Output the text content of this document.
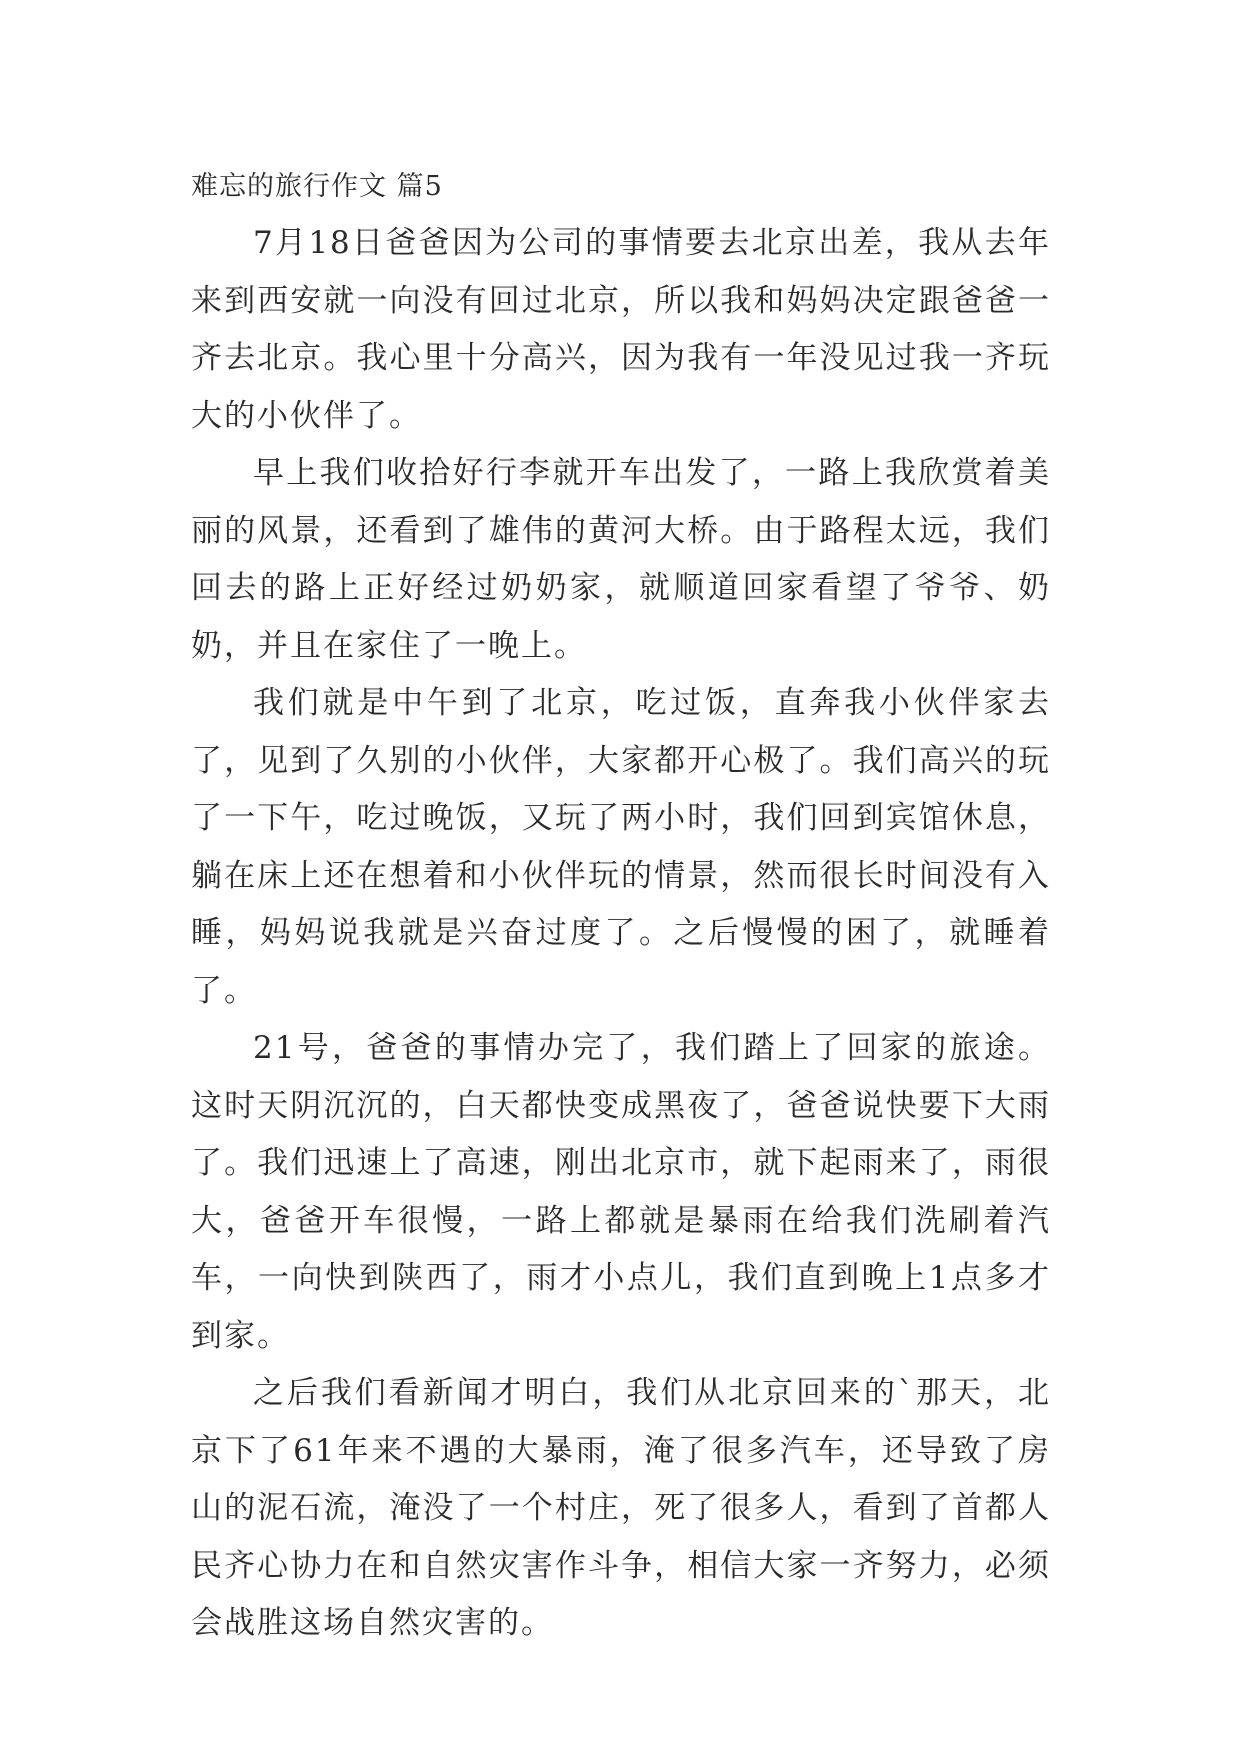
难忘的旅行作文 篇5

7月18日爸爸因为公司的事情要去北京出差，我从去年来到西安就一向没有回过北京，所以我和妈妈决定跟爸爸一齐去北京。我心里十分高兴，因为我有一年没见过我一齐玩大的小伙伴了。

早上我们收拾好行李就开车出发了，一路上我欣赏着美丽的风景，还看到了雄伟的黄河大桥。由于路程太远，我们回去的路上正好经过奶奶家，就顺道回家看望了爷爷、奶奶，并且在家住了一晚上。

我们就是中午到了北京，吃过饭，直奔我小伙伴家去了，见到了久别的小伙伴，大家都开心极了。我们高兴的玩了一下午，吃过晚饭，又玩了两小时，我们回到宾馆休息，躺在床上还在想着和小伙伴玩的情景，然而很长时间没有入睡，妈妈说我就是兴奋过度了。之后慢慢的困了，就睡着了。

21号，爸爸的事情办完了，我们踏上了回家的旅途。这时天阴沉沉的，白天都快变成黑夜了，爸爸说快要下大雨了。我们迅速上了高速，刚出北京市，就下起雨来了，雨很大，爸爸开车很慢，一路上都就是暴雨在给我们洗刷着汽车，一向快到陕西了，雨才小点儿，我们直到晚上1点多才到家。

之后我们看新闻才明白，我们从北京回来的`那天，北京下了61年来不遇的大暴雨，淹了很多汽车，还导致了房山的泥石流，淹没了一个村庄，死了很多人，看到了首都人民齐心协力在和自然灾害作斗争，相信大家一齐努力，必须会战胜这场自然灾害的。
